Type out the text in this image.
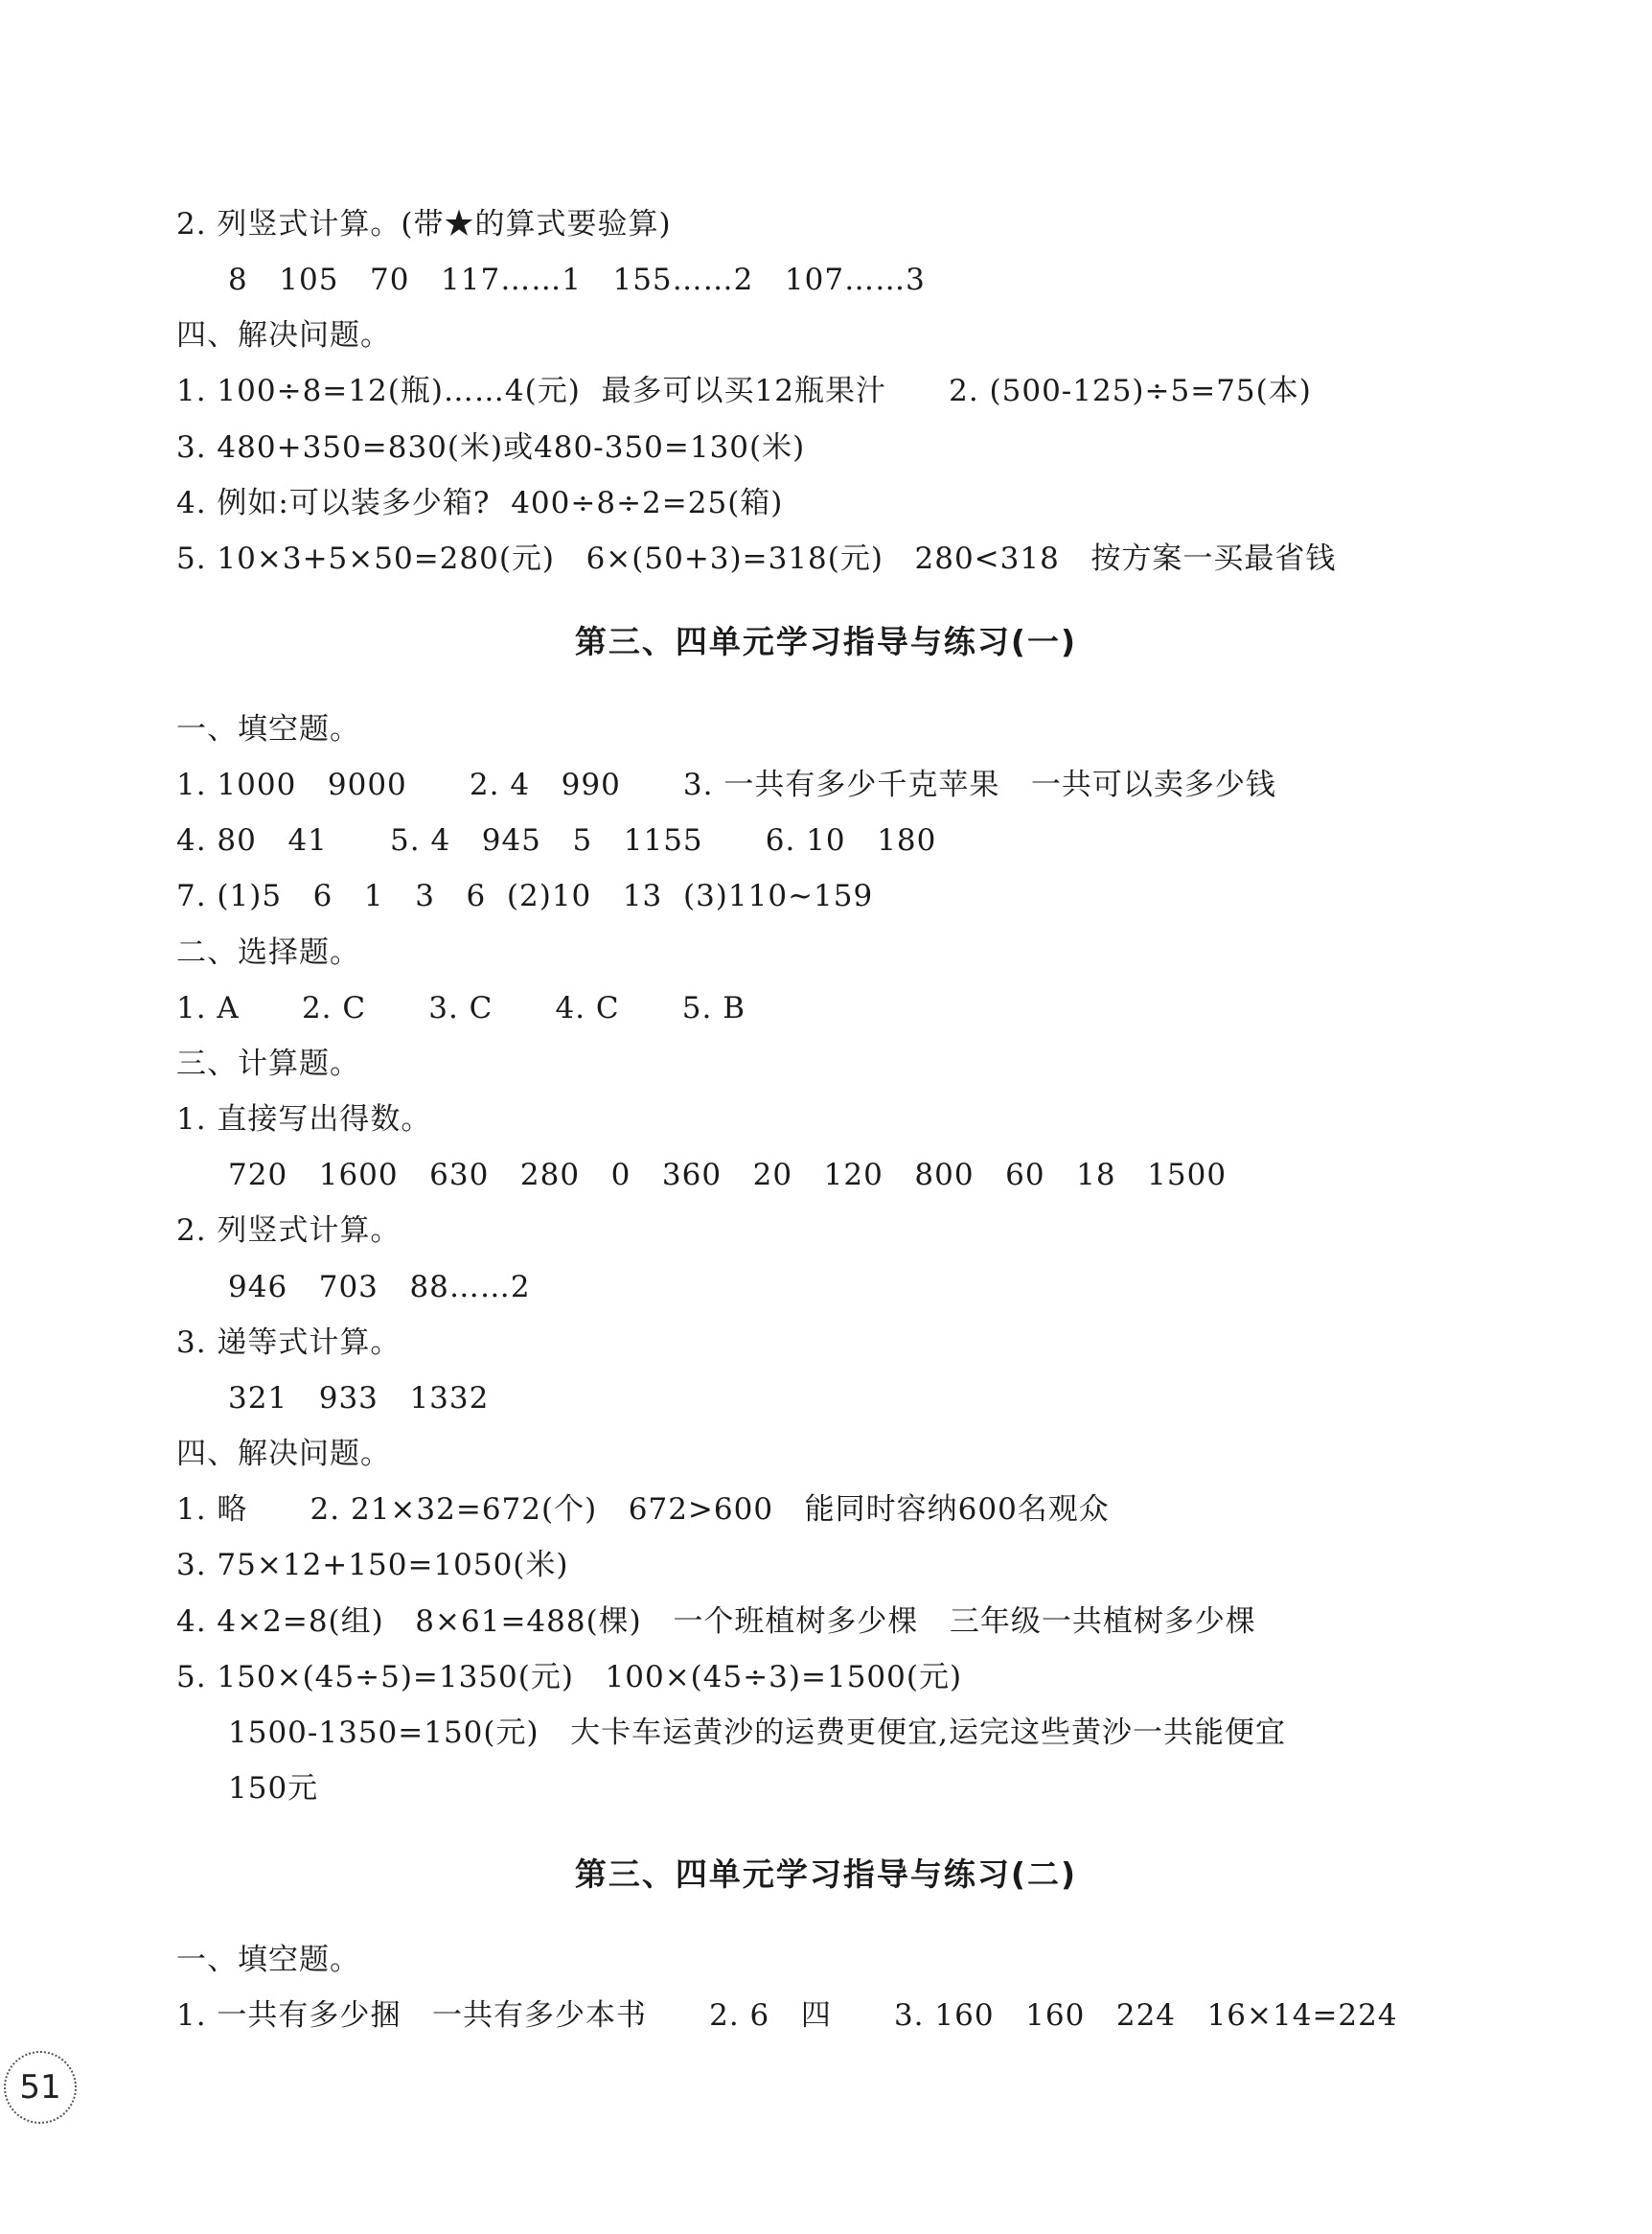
2. 列竖式计算。(带★的算式要验算)
8   105   70   117……1   155……2   107……3
四、解决问题。
1. 100÷8=12(瓶)……4(元)  最多可以买12瓶果汁      2. (500-125)÷5=75(本)
3. 480+350=830(米)或480-350=130(米)
4. 例如:可以装多少箱?  400÷8÷2=25(箱)
5. 10×3+5×50=280(元)   6×(50+3)=318(元)   280<318   按方案一买最省钱
第三、四单元学习指导与练习(一)
一、填空题。
1. 1000   9000      2. 4   990      3. 一共有多少千克苹果   一共可以卖多少钱
4. 80   41      5. 4   945   5   1155      6. 10   180
7. (1)5   6   1   3   6  (2)10   13  (3)110~159
二、选择题。
1. A      2. C      3. C      4. C      5. B
三、计算题。
1. 直接写出得数。
720   1600   630   280   0   360   20   120   800   60   18   1500
2. 列竖式计算。
946   703   88……2
3. 递等式计算。
321   933   1332
四、解决问题。
1. 略      2. 21×32=672(个)   672>600   能同时容纳600名观众
3. 75×12+150=1050(米)
4. 4×2=8(组)   8×61=488(棵)   一个班植树多少棵   三年级一共植树多少棵
5. 150×(45÷5)=1350(元)   100×(45÷3)=1500(元)
1500-1350=150(元)   大卡车运黄沙的运费更便宜,运完这些黄沙一共能便宜
150元
第三、四单元学习指导与练习(二)
一、填空题。
1. 一共有多少捆   一共有多少本书      2. 6   四      3. 160   160   224   16×14=224
51
